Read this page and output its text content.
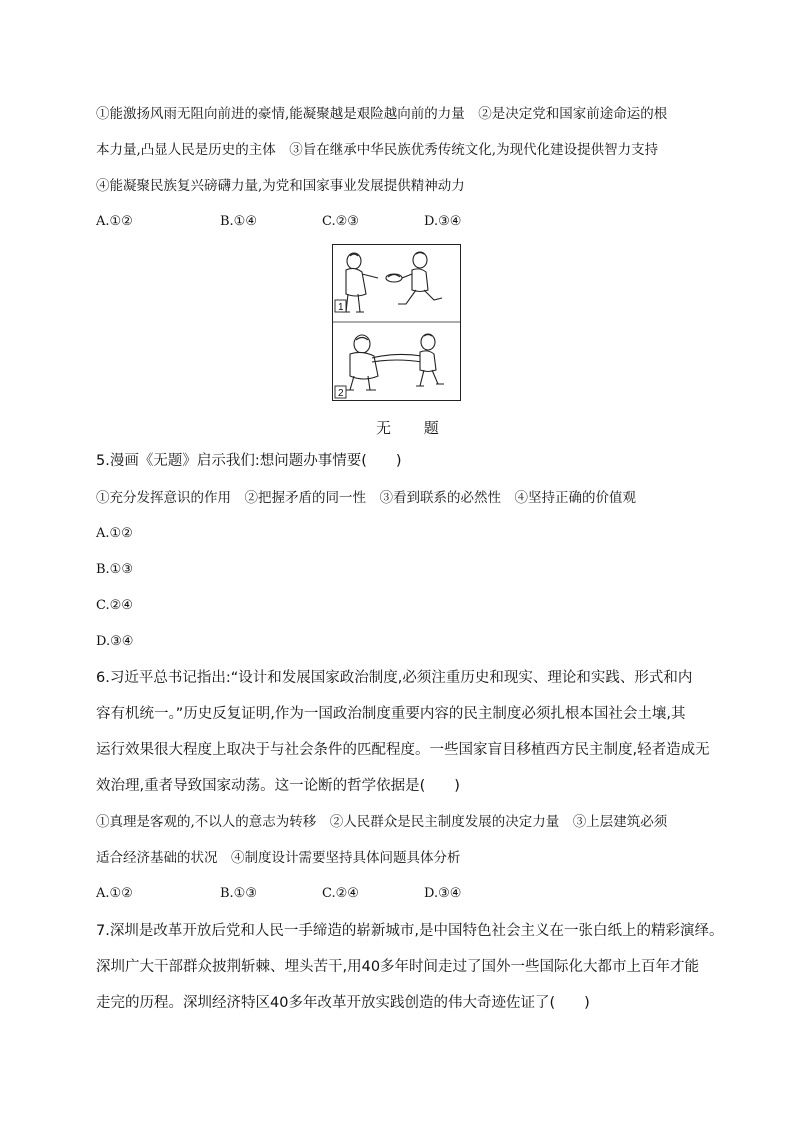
①能激扬风雨无阻向前进的豪情,能凝聚越是艰险越向前的力量　②是决定党和国家前途命运的根
本力量,凸显人民是历史的主体　③旨在继承中华民族优秀传统文化,为现代化建设提供智力支持
④能凝聚民族复兴磅礴力量,为党和国家事业发展提供精神动力
A.①②	B.①④	C.②③	D.③④
1
2
无 题
5.漫画《无题》启示我们:想问题办事情要(　　)
①充分发挥意识的作用　②把握矛盾的同一性　③看到联系的必然性　④坚持正确的价值观
A.①②
B.①③
C.②④
D.③④
6.习近平总书记指出:“设计和发展国家政治制度,必须注重历史和现实、理论和实践、形式和内
容有机统一。”历史反复证明,作为一国政治制度重要内容的民主制度必须扎根本国社会土壤,其
运行效果很大程度上取决于与社会条件的匹配程度。一些国家盲目移植西方民主制度,轻者造成无
效治理,重者导致国家动荡。这一论断的哲学依据是(　　)
①真理是客观的,不以人的意志为转移　②人民群众是民主制度发展的决定力量　③上层建筑必须
适合经济基础的状况　④制度设计需要坚持具体问题具体分析
A.①②	B.①③	C.②④	D.③④
7.深圳是改革开放后党和人民一手缔造的崭新城市,是中国特色社会主义在一张白纸上的精彩演绎。
深圳广大干部群众披荆斩棘、埋头苦干,用40多年时间走过了国外一些国际化大都市上百年才能
走完的历程。深圳经济特区40多年改革开放实践创造的伟大奇迹佐证了(　　)
